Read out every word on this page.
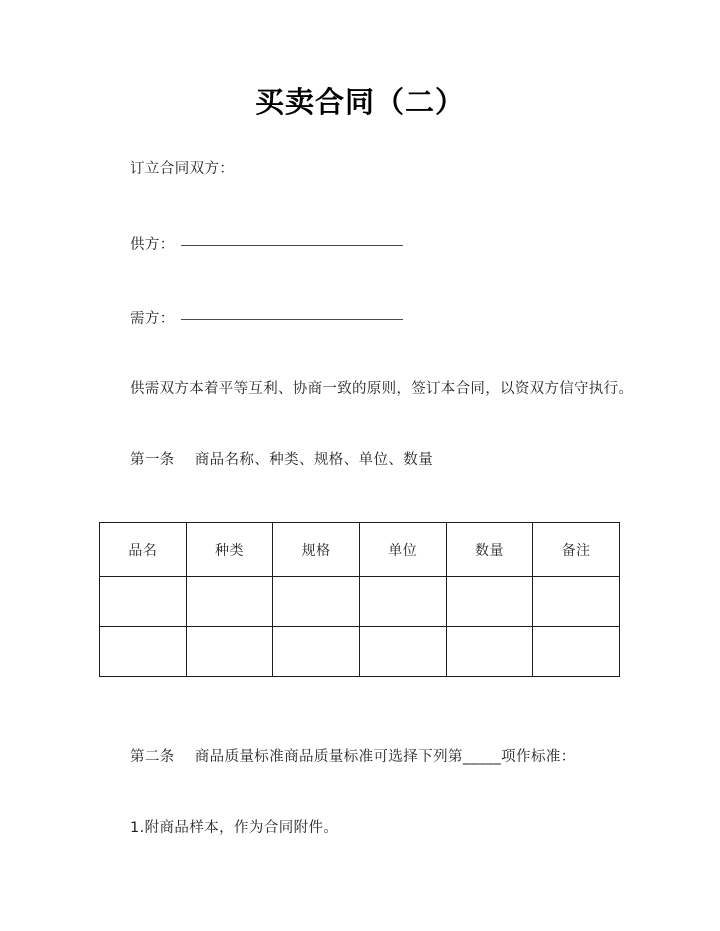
买卖合同（二）
订立合同双方：
供方：
需方：
供需双方本着平等互利、协商一致的原则，签订本合同，以资双方信守执行。
第一条 商品名称、种类、规格、单位、数量
品名	种类	规格	单位	数量	备注

第二条 商品质量标准商品质量标准可选择下列第_____项作标准：
1.附商品样本，作为合同附件。
